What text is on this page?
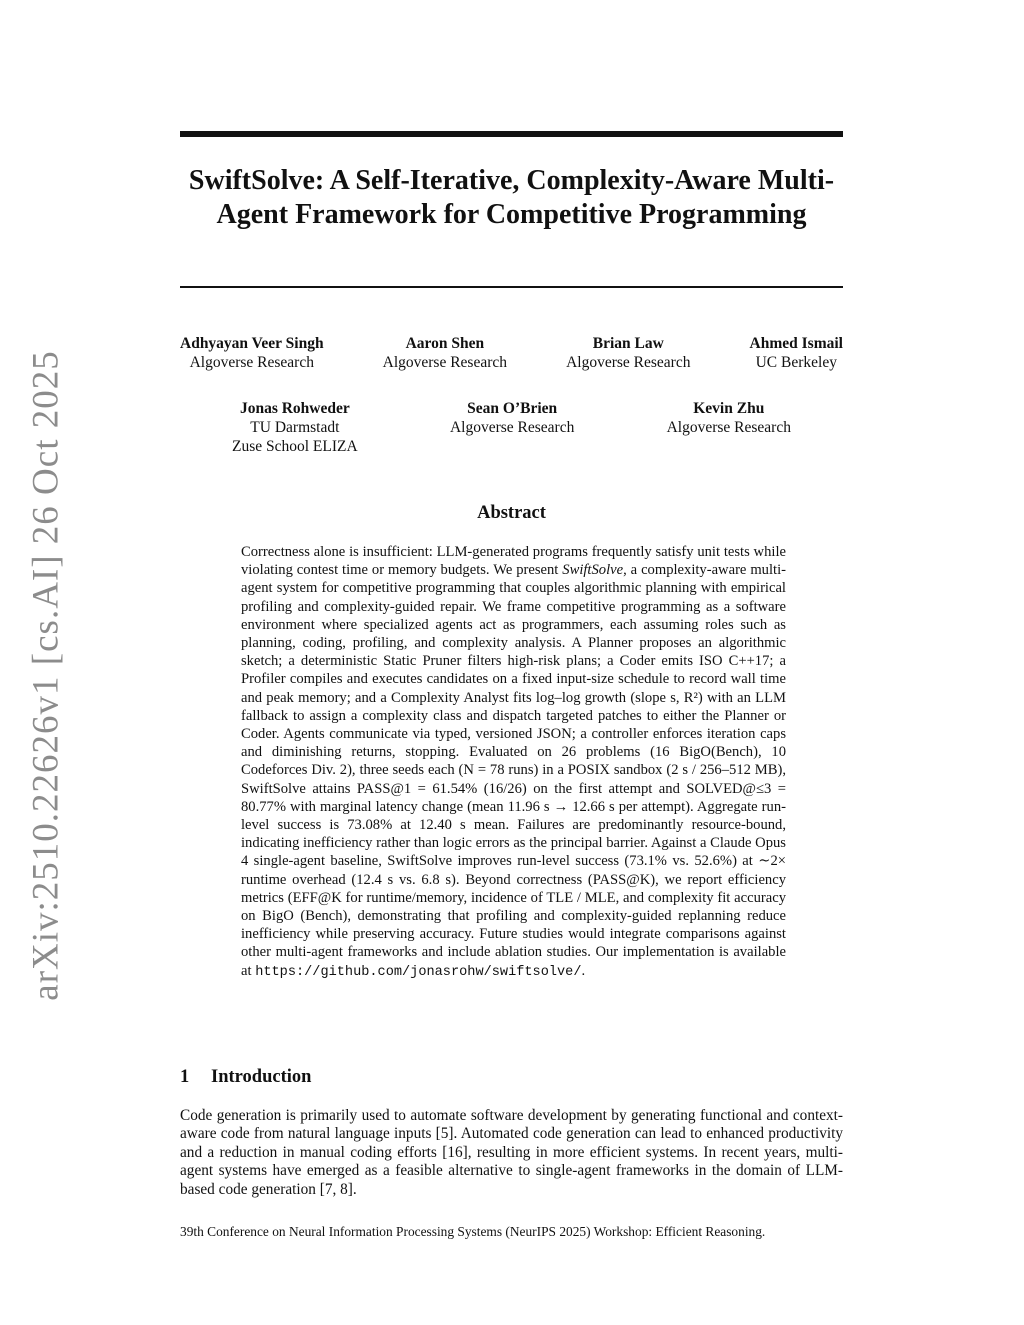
arXiv:2510.22626v1 [cs.AI] 26 Oct 2025
SwiftSolve: A Self-Iterative, Complexity-Aware Multi-Agent Framework for Competitive Programming
Adhyayan Veer Singh
Algoverse Research
Aaron Shen
Algoverse Research
Brian Law
Algoverse Research
Ahmed Ismail
UC Berkeley
Jonas Rohweder
TU Darmstadt
Zuse School ELIZA
Sean O’Brien
Algoverse Research
Kevin Zhu
Algoverse Research
Abstract

Correctness alone is insufficient: LLM-generated programs frequently satisfy unit tests while violating contest time or memory budgets. We present SwiftSolve, a complexity-aware multi-agent system for competitive programming that couples algorithmic planning with empirical profiling and complexity-guided repair. We frame competitive programming as a software environment where specialized agents act as programmers, each assuming roles such as planning, coding, profiling, and complexity analysis. A Planner proposes an algorithmic sketch; a deterministic Static Pruner filters high-risk plans; a Coder emits ISO C++17; a Profiler compiles and executes candidates on a fixed input-size schedule to record wall time and peak memory; and a Complexity Analyst fits log–log growth (slope s, R²) with an LLM fallback to assign a complexity class and dispatch targeted patches to either the Planner or Coder. Agents communicate via typed, versioned JSON; a controller enforces iteration caps and diminishing returns, stopping. Evaluated on 26 problems (16 BigO(Bench), 10 Codeforces Div. 2), three seeds each (N = 78 runs) in a POSIX sandbox (2 s / 256–512 MB), SwiftSolve attains PASS@1 = 61.54% (16/26) on the first attempt and SOLVED@≤3 = 80.77% with marginal latency change (mean 11.96 s → 12.66 s per attempt). Aggregate run-level success is 73.08% at 12.40 s mean. Failures are predominantly resource-bound, indicating inefficiency rather than logic errors as the principal barrier. Against a Claude Opus 4 single-agent baseline, SwiftSolve improves run-level success (73.1% vs. 52.6%) at ∼2× runtime overhead (12.4 s vs. 6.8 s). Beyond correctness (PASS@K), we report efficiency metrics (EFF@K for runtime/memory, incidence of TLE / MLE, and complexity fit accuracy on BigO (Bench), demonstrating that profiling and complexity-guided replanning reduce inefficiency while preserving accuracy. Future studies would integrate comparisons against other multi-agent frameworks and include ablation studies. Our implementation is available at https://github.com/jonasrohw/swiftsolve/.

1 Introduction

Code generation is primarily used to automate software development by generating functional and context-aware code from natural language inputs [5]. Automated code generation can lead to enhanced productivity and a reduction in manual coding efforts [16], resulting in more efficient systems. In recent years, multi-agent systems have emerged as a feasible alternative to single-agent frameworks in the domain of LLM-based code generation [7, 8].

39th Conference on Neural Information Processing Systems (NeurIPS 2025) Workshop: Efficient Reasoning.
